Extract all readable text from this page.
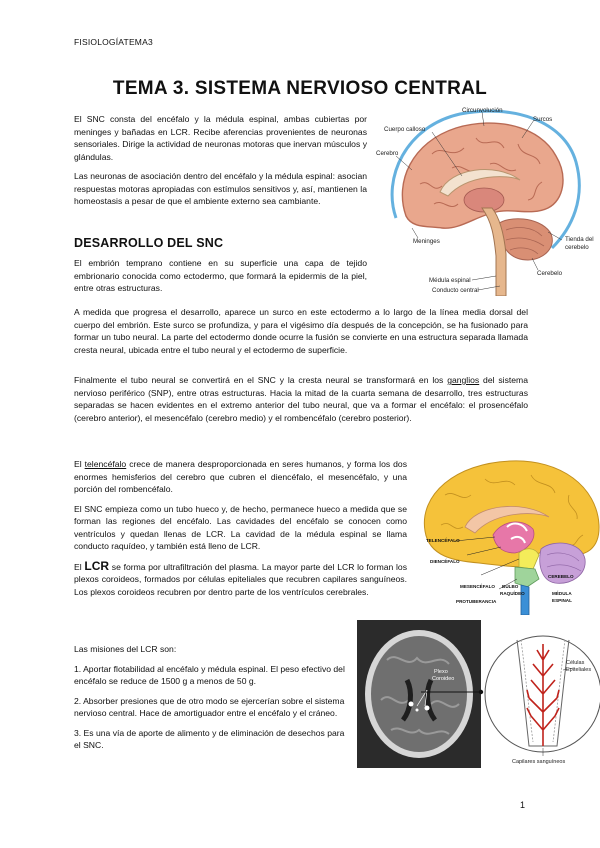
FISIOLOGÍATEMA3
TEMA 3. SISTEMA NERVIOSO CENTRAL

El SNC consta del encéfalo y la médula espinal, ambas cubiertas por meninges y bañadas en LCR. Recibe aferencias provenientes de neuronas sensoriales. Dirige la actividad de neuronas motoras que inervan músculos y glándulas.

Las neuronas de asociación dentro del encéfalo y la médula espinal: asocian respuestas motoras apropiadas con estímulos sensitivos y, así, mantienen la homeostasis a pesar de que el ambiente externo sea cambiante.

Circunvolución
Cuerpo calloso
Surcos
Cerebro
Meninges	Tienda del
cerebelo
Cerebelo
Médula espinal
Conducto central
DESARROLLO DEL SNC

El embrión temprano contiene en su superficie una capa de tejido embrionario conocida como ectodermo, que formará la epidermis de la piel, entre otras estructuras.

A medida que progresa el desarrollo, aparece un surco en este ectodermo a lo largo de la línea media dorsal del cuerpo del embrión. Este surco se profundiza, y para el vigésimo día después de la concepción, se ha fusionado para formar un tubo neural. La parte del ectodermo donde ocurre la fusión se convierte en una estructura separada llamada cresta neural, ubicada entre el tubo neural y el ectodermo de superficie.

Finalmente el tubo neural se convertirá en el SNC y la cresta neural se transformará en los ganglios del sistema nervioso periférico (SNP), entre otras estructuras. Hacia la mitad de la cuarta semana de desarrollo, tres estructuras separadas se hacen evidentes en el extremo anterior del tubo neural, que va a formar el encéfalo: el prosencéfalo (cerebro anterior), el mesencéfalo (cerebro medio) y el rombencéfalo (cerebro posterior).

El telencéfalo crece de manera desproporcionada en seres humanos, y forma los dos enormes hemisferios del cerebro que cubren el diencéfalo, el mesencéfalo, y una porción del rombencéfalo.

El SNC empieza como un tubo hueco y, de hecho, permanece hueco a medida que se forman las regiones del encéfalo. Las cavidades del encéfalo se conocen como ventrículos y quedan llenas de LCR. La cavidad de la médula espinal se llama conducto raquídeo, y también está lleno de LCR.

El LCR se forma por ultrafiltración del plasma. La mayor parte del LCR lo forman los plexos coroideos, formados por células epiteliales que recubren capilares sanguíneos. Los plexos coroideos recubren por dentro parte de los ventrículos cerebrales.

TELENCÉFALO
DIENCÉFALO
MESENCÉFALO BULBO
RAQUÍDEO
PROTUBERANCIA
CEREBELO
MÉDULA
ESPINAL

Las misiones del LCR son:

1. Aportar flotabilidad al encéfalo y médula espinal. El peso efectivo del encéfalo se reduce de 1500 g a menos de 50 g.

2. Absorber presiones que de otro modo se ejercerían sobre el sistema nervioso central. Hace de amortiguador entre el encéfalo y el cráneo.

3. Es una vía de aporte de alimento y de eliminación de desechos para el SNC.

Plexo
Coroideo
Células
Epiteliales
Capilares sanguíneos
1
